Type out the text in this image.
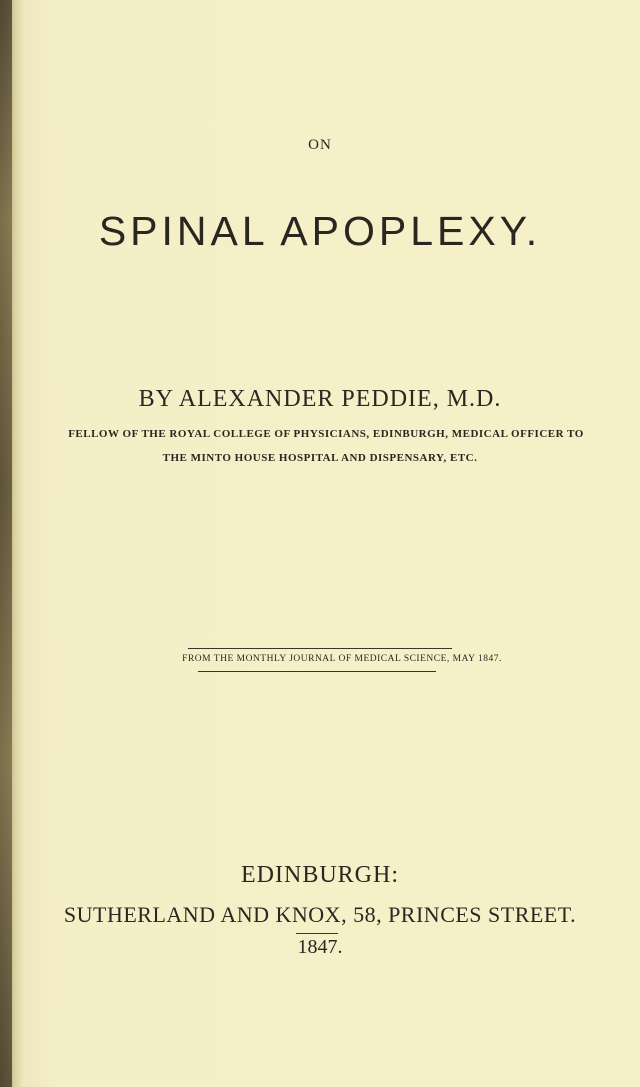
ON
SPINAL APOPLEXY.
BY ALEXANDER PEDDIE, M.D.
FELLOW OF THE ROYAL COLLEGE OF PHYSICIANS, EDINBURGH, MEDICAL OFFICER TO
THE MINTO HOUSE HOSPITAL AND DISPENSARY, ETC.
FROM THE MONTHLY JOURNAL OF MEDICAL SCIENCE, MAY 1847.
EDINBURGH:
SUTHERLAND AND KNOX, 58, PRINCES STREET.
1847.
